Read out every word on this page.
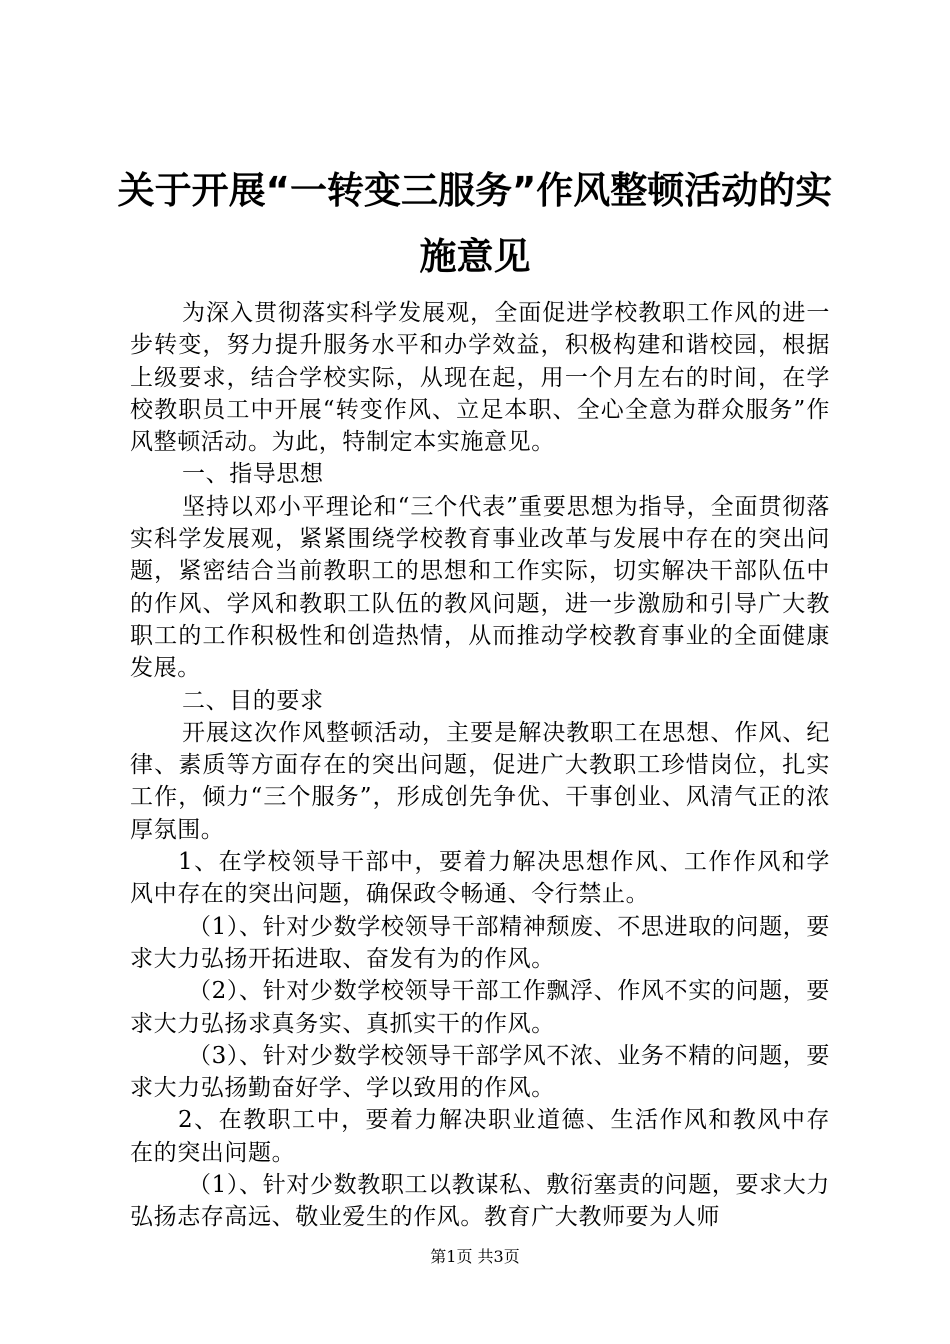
关于开展“一转变三服务”作风整顿活动的实
施意见

为深入贯彻落实科学发展观，全面促进学校教职工作风的进一步转变，努力提升服务水平和办学效益，积极构建和谐校园，根据上级要求，结合学校实际，从现在起，用一个月左右的时间，在学校教职员工中开展“转变作风、立足本职、全心全意为群众服务”作风整顿活动。为此，特制定本实施意见。

一、指导思想

坚持以邓小平理论和“三个代表”重要思想为指导，全面贯彻落实科学发展观，紧紧围绕学校教育事业改革与发展中存在的突出问题，紧密结合当前教职工的思想和工作实际，切实解决干部队伍中的作风、学风和教职工队伍的教风问题，进一步激励和引导广大教职工的工作积极性和创造热情，从而推动学校教育事业的全面健康发展。

二、目的要求

开展这次作风整顿活动，主要是解决教职工在思想、作风、纪律、素质等方面存在的突出问题，促进广大教职工珍惜岗位，扎实工作，倾力“三个服务”，形成创先争优、干事创业、风清气正的浓厚氛围。

1、在学校领导干部中，要着力解决思想作风、工作作风和学风中存在的突出问题，确保政令畅通、令行禁止。

（1）、针对少数学校领导干部精神颓废、不思进取的问题，要求大力弘扬开拓进取、奋发有为的作风。

（2）、针对少数学校领导干部工作飘浮、作风不实的问题，要求大力弘扬求真务实、真抓实干的作风。

（3）、针对少数学校领导干部学风不浓、业务不精的问题，要求大力弘扬勤奋好学、学以致用的作风。

2、在教职工中，要着力解决职业道德、生活作风和教风中存在的突出问题。

（1）、针对少数教职工以教谋私、敷衍塞责的问题，要求大力弘扬志存高远、敬业爱生的作风。教育广大教师要为人师

第1页 共3页
